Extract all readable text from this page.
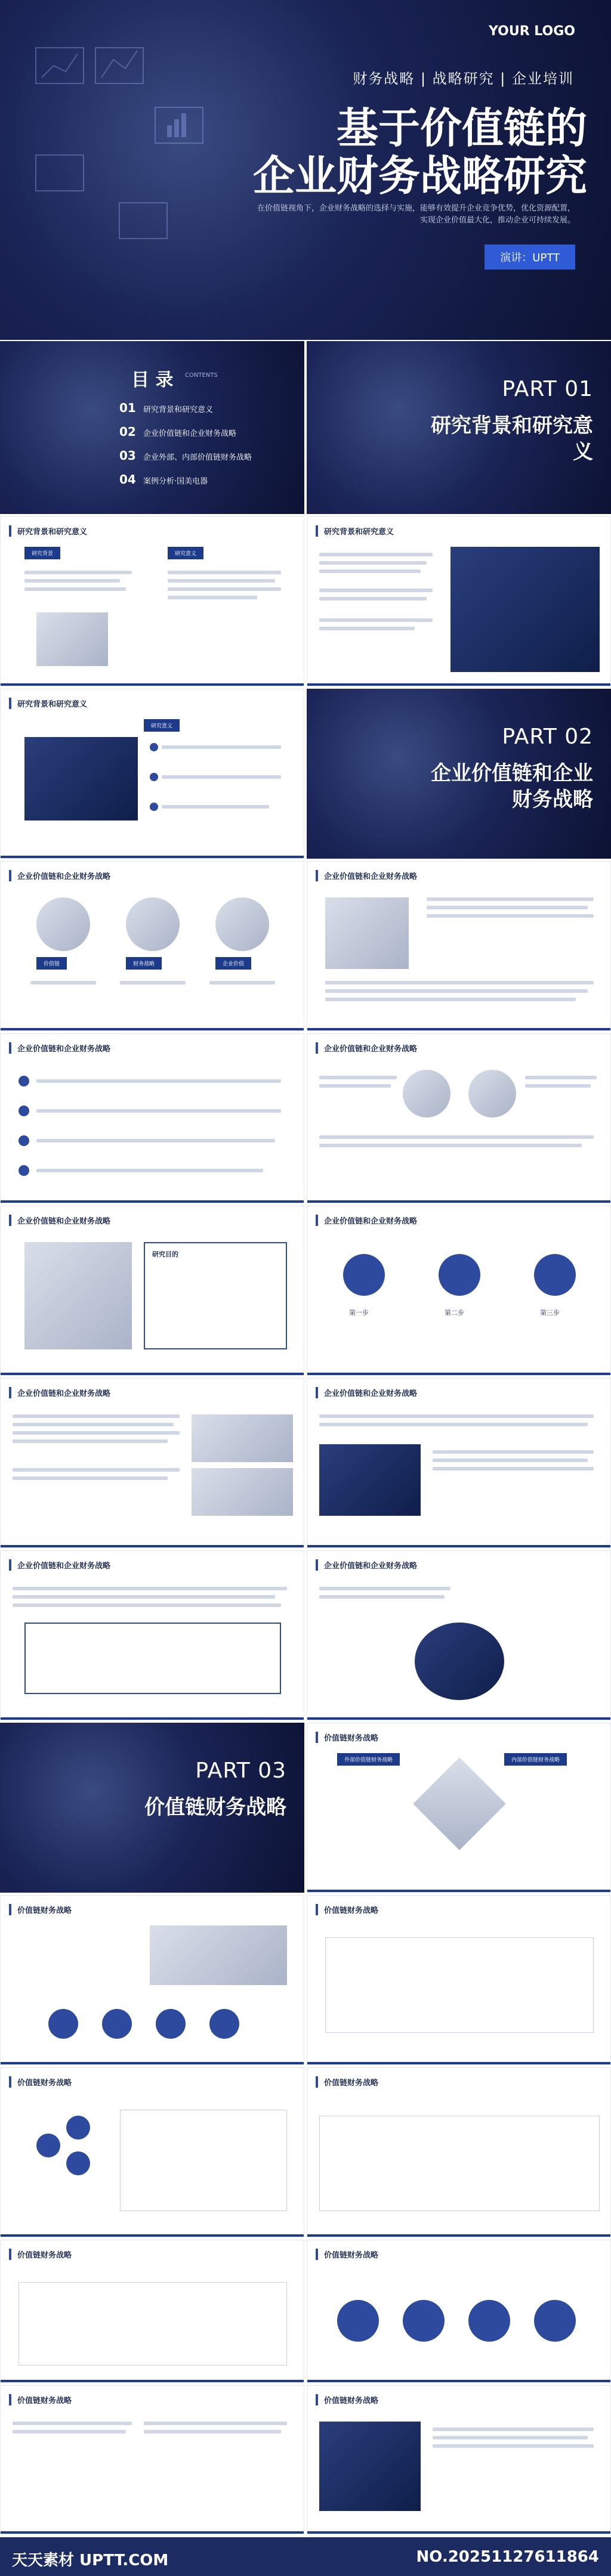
YOUR LOGO
财务战略 | 战略研究 | 企业培训
基于价值链的
企业财务战略研究
在价值链视角下，企业财务战略的选择与实施，能够有效提升企业竞争优势，优化资源配置，实现企业价值最大化，推动企业可持续发展。
演讲：UPTT
目 录 CONTENTS
01 研究背景和研究意义
02 企业价值链和企业财务战略
03 企业外部、内部价值链财务战略
04 案例分析·国美电器
PART 01
研究背景和研究意义
研究背景和研究意义
研究背景	研究意义
研究背景和研究意义
研究背景和研究意义
研究意义	PART 02
企业价值链和企业财务战略
企业价值链和企业财务战略
价值链	财务战略	企业价值
企业价值链和企业财务战略
企业价值链和企业财务战略	企业价值链和企业财务战略
企业价值链和企业财务战略
研究目的
企业价值链和企业财务战略
第一步	第二步	第三步
企业价值链和企业财务战略	企业价值链和企业财务战略
企业价值链和企业财务战略	企业价值链和企业财务战略
PART 03
价值链财务战略
价值链财务战略
外部价值链财务战略	内部价值链财务战略
价值链财务战略	价值链财务战略
价值链财务战略	价值链财务战略
价值链财务战略	价值链财务战略
价值链财务战略	价值链财务战略
天天素材 UPTT.COM	NO.20251127611864
